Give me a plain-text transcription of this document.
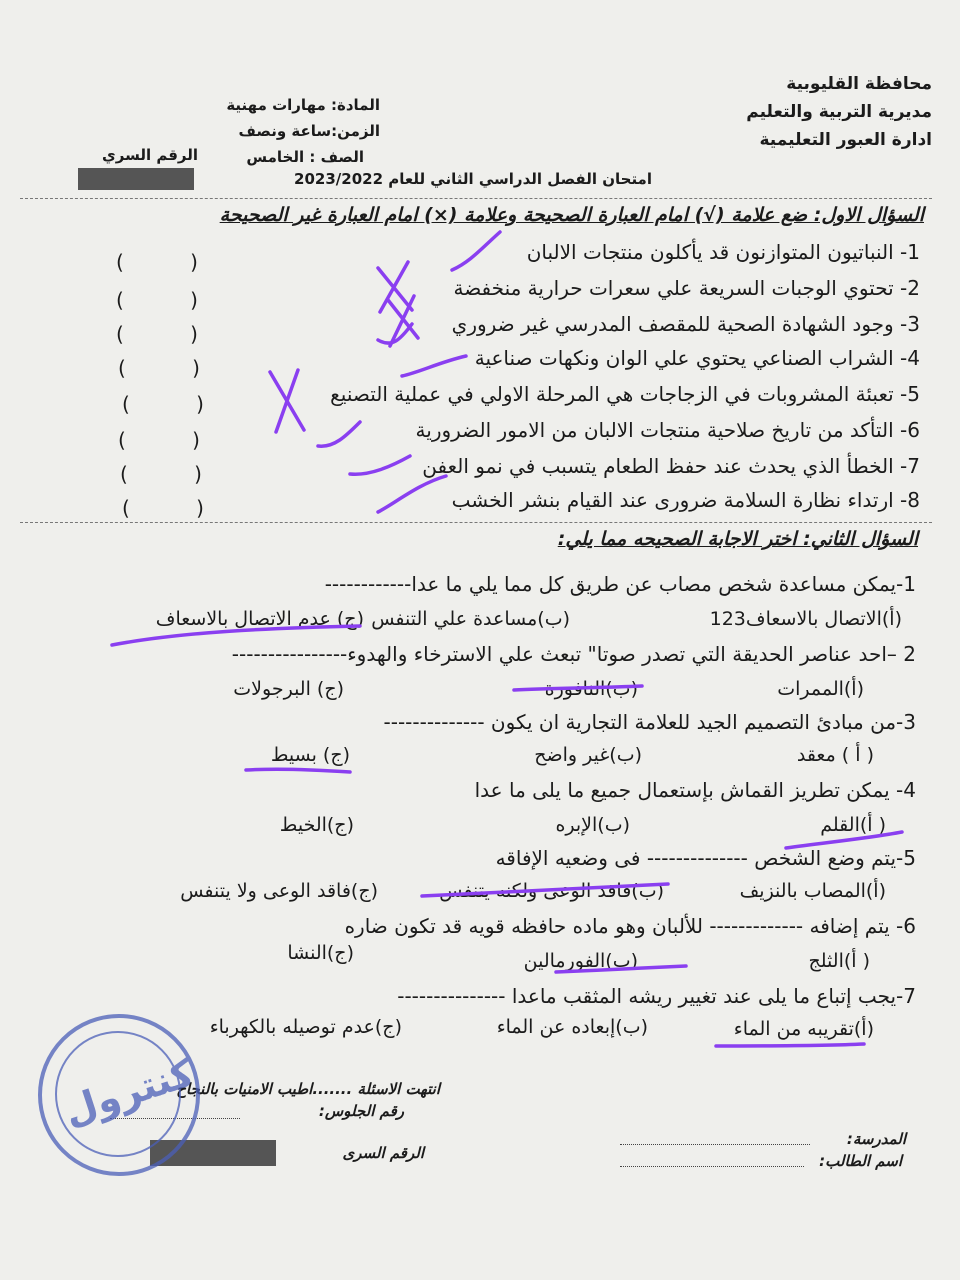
محافظة القليوبية
مديرية التربية والتعليم
ادارة العبور التعليمية
المادة: مهارات مهنية
الزمن:ساعة ونصف
الصف : الخامس
الرقم السري
امتحان الفصل الدراسي الثاني للعام 2023/2022
السؤال الاول: ضع علامة (√) امام العبارة الصحيحة وعلامة (×) امام العبارة غير الصحيحة
1- النباتيون المتوازنون قد يأكلون منتجات الالبان
2- تحتوي الوجبات السريعة علي سعرات حرارية منخفضة
3- وجود الشهادة الصحية للمقصف المدرسي غير ضروري
4- الشراب الصناعي يحتوي علي الوان ونكهات صناعية
5- تعبئة المشروبات في الزجاجات هي المرحلة الاولي في عملية التصنيع
6- التأكد من تاريخ صلاحية منتجات الالبان من الامور الضرورية
7- الخطأ الذي يحدث عند حفظ الطعام يتسبب في نمو العفن
8- ارتداء نظارة السلامة ضرورى عند القيام بنشر الخشب
( )
( )
( )
( )
( )
( )
( )
( )
السؤال الثاني: اختر الاجابة الصحيحه مما يلي:
1-يمكن مساعدة شخص مصاب عن طريق كل مما يلي ما عدا------------
(أ)الاتصال بالاسعاف123
(ب)مساعدة علي التنفس
(ج) عدم الاتصال بالاسعاف
2 –احد عناصر الحديقة التي تصدر صوتا" تبعث علي الاسترخاء والهدوء----------------
(أ)الممرات
(ب)النافورة
(ج) البرجولات
3-من مبادئ التصميم الجيد للعلامة التجارية ان يكون --------------
( أ ) معقد
(ب)غير واضح
(ج) بسيط
4- يمكن تطريز القماش بإستعمال جميع ما يلى ما عدا
( أ)القلم
(ب)الإبره
(ج)الخيط
5-يتم وضع الشخص -------------- فى وضعيه الإفاقه
(أ)المصاب بالنزيف
(ب)فاقد الوعى ولكنه يتنفس
(ج)فاقد الوعى ولا يتنفس
6- يتم إضافه ------------- للألبان وهو ماده حافظه قويه قد تكون ضاره
( أ)الثلج
(ب)الفورمالين
(ج)النشا
7-يجب إتباع ما يلى عند تغيير ريشه المثقب ماعدا ---------------
(أ)تقريبه من الماء
(ب)إبعاده عن الماء
(ج)عدم توصيله بالكهرباء
انتهت الاسئلة .......اطيب الامنيات بالنجاح
رقم الجلوس:
المدرسة:
الرقم السرى	اسم الطالب:
كنترول
